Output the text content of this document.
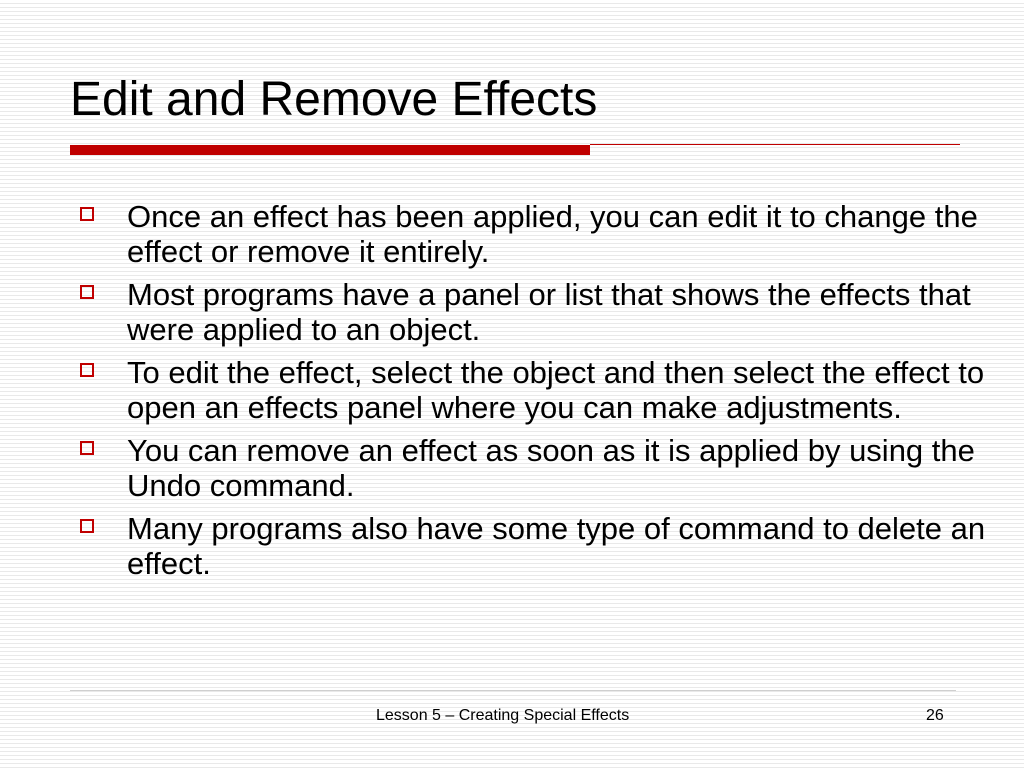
Edit and Remove Effects
Once an effect has been applied, you can edit it to change the effect or remove it entirely.
Most programs have a panel or list that shows the effects that were applied to an object.
To edit the effect, select the object and then select the effect to open an effects panel where you can make adjustments.
You can remove an effect as soon as it is applied by using the Undo command.
Many programs also have some type of command to delete an effect.
Lesson 5 – Creating Special Effects	26
